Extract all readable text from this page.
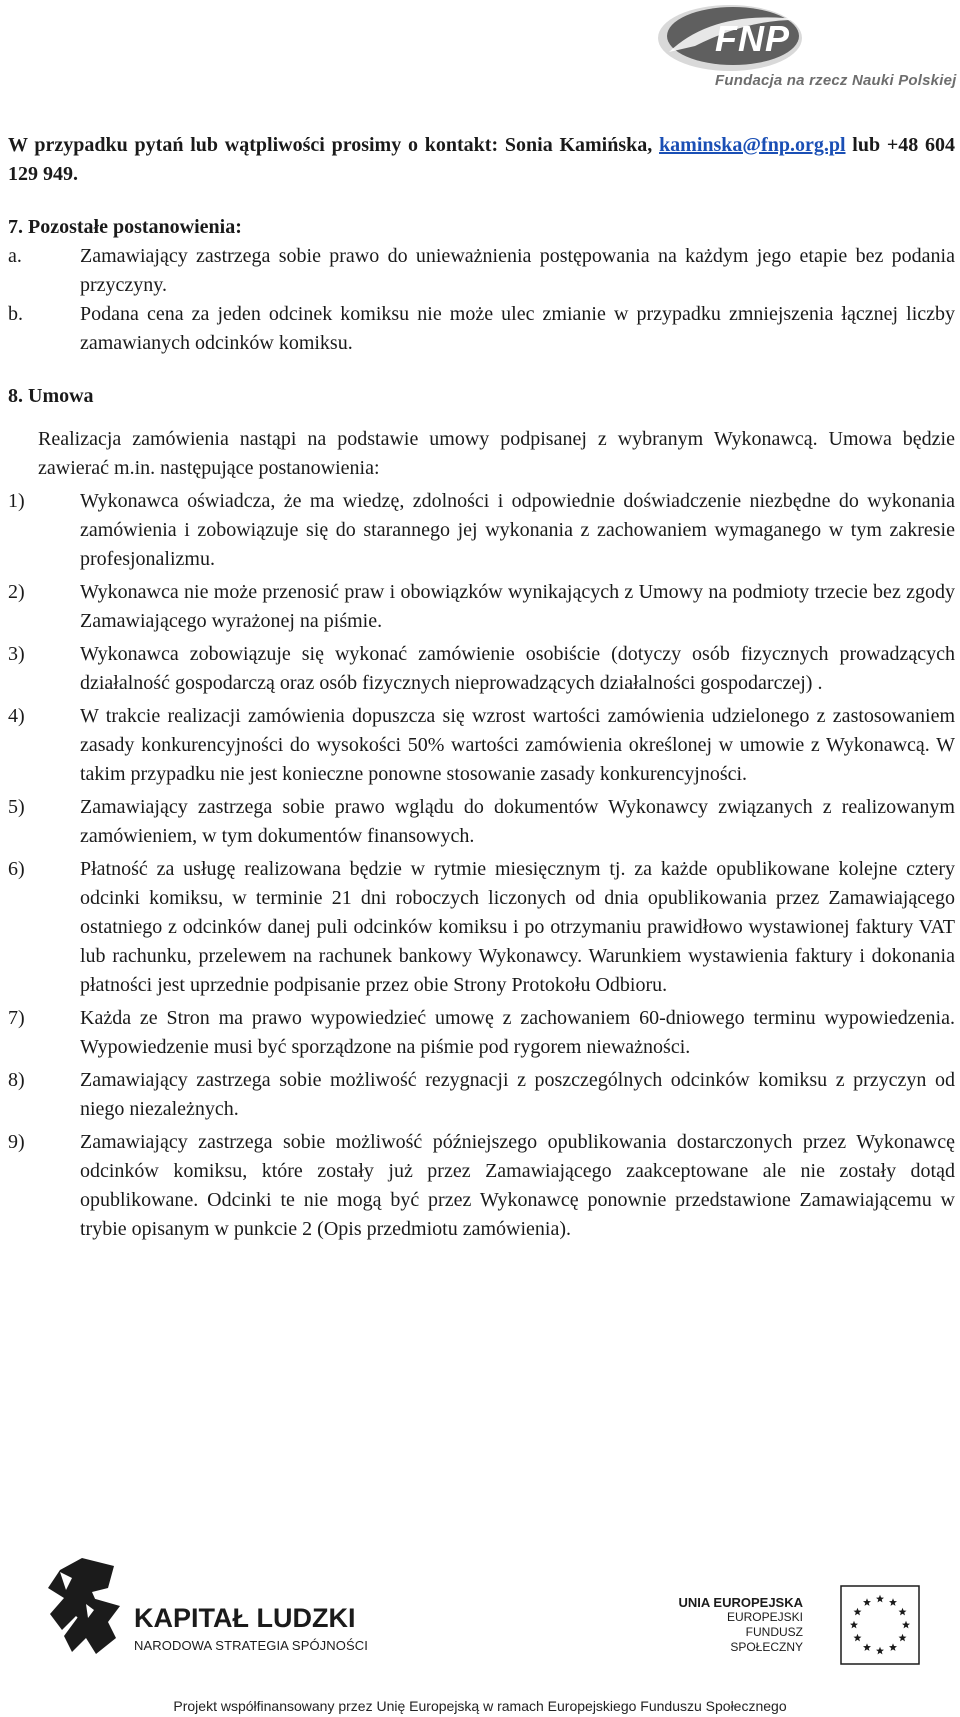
FNP
Fundacja na rzecz Nauki Polskiej

W przypadku pytań lub wątpliwości prosimy o kontakt: Sonia Kamińska, kaminska@fnp.org.pl lub +48 604 129 949.

7. Pozostałe postanowienia:

a.	Zamawiający zastrzega sobie prawo do unieważnienia postępowania na każdym jego etapie bez podania przyczyny.
b.	Podana cena za jeden odcinek komiksu nie może ulec zmianie w przypadku zmniejszenia łącznej liczby zamawianych odcinków komiksu.

8. Umowa

Realizacja zamówienia nastąpi na podstawie umowy podpisanej z wybranym Wykonawcą. Umowa będzie zawierać m.in. następujące postanowienia:
1)	Wykonawca oświadcza, że ma wiedzę, zdolności i odpowiednie doświadczenie niezbędne do wykonania zamówienia i zobowiązuje się do starannego jej wykonania z zachowaniem wymaganego w tym zakresie profesjonalizmu.
2)	Wykonawca nie może przenosić praw i obowiązków wynikających z Umowy na podmioty trzecie bez zgody Zamawiającego wyrażonej na piśmie.
3)	Wykonawca zobowiązuje się wykonać zamówienie osobiście (dotyczy osób fizycznych prowadzących działalność gospodarczą oraz osób fizycznych nieprowadzących działalności gospodarczej) .
4)	W trakcie realizacji zamówienia dopuszcza się wzrost wartości zamówienia udzielonego z zastosowaniem zasady konkurencyjności do wysokości 50% wartości zamówienia określonej w umowie z Wykonawcą. W takim przypadku nie jest konieczne ponowne stosowanie zasady konkurencyjności.
5)	Zamawiający zastrzega sobie prawo wglądu do dokumentów Wykonawcy związanych z realizowanym zamówieniem, w tym dokumentów finansowych.
6)	Płatność za usługę realizowana będzie w rytmie miesięcznym tj. za każde opublikowane kolejne cztery odcinki komiksu, w terminie 21 dni roboczych liczonych od dnia opublikowania przez Zamawiającego ostatniego z odcinków danej puli odcinków komiksu i po otrzymaniu prawidłowo wystawionej faktury VAT lub rachunku, przelewem na rachunek bankowy Wykonawcy. Warunkiem wystawienia faktury i dokonania płatności jest uprzednie podpisanie przez obie Strony Protokołu Odbioru.
7)	Każda ze Stron ma prawo wypowiedzieć umowę z zachowaniem 60-dniowego terminu wypowiedzenia. Wypowiedzenie musi być sporządzone na piśmie pod rygorem nieważności.
8)	Zamawiający zastrzega sobie możliwość rezygnacji z poszczególnych odcinków komiksu z przyczyn od niego niezależnych.
9)	Zamawiający zastrzega sobie możliwość późniejszego opublikowania dostarczonych przez Wykonawcę odcinków komiksu, które zostały już przez Zamawiającego zaakceptowane ale nie zostały dotąd opublikowane. Odcinki te nie mogą być przez Wykonawcę ponownie przedstawione Zamawiającemu w trybie opisanym w punkcie 2 (Opis przedmiotu zamówienia).
KAPITAŁ LUDZKI
NARODOWA STRATEGIA SPÓJNOŚCI
UNIA EUROPEJSKA
EUROPEJSKI
FUNDUSZ SPOŁECZNY
Projekt współfinansowany przez Unię Europejską w ramach Europejskiego Funduszu Społecznego
